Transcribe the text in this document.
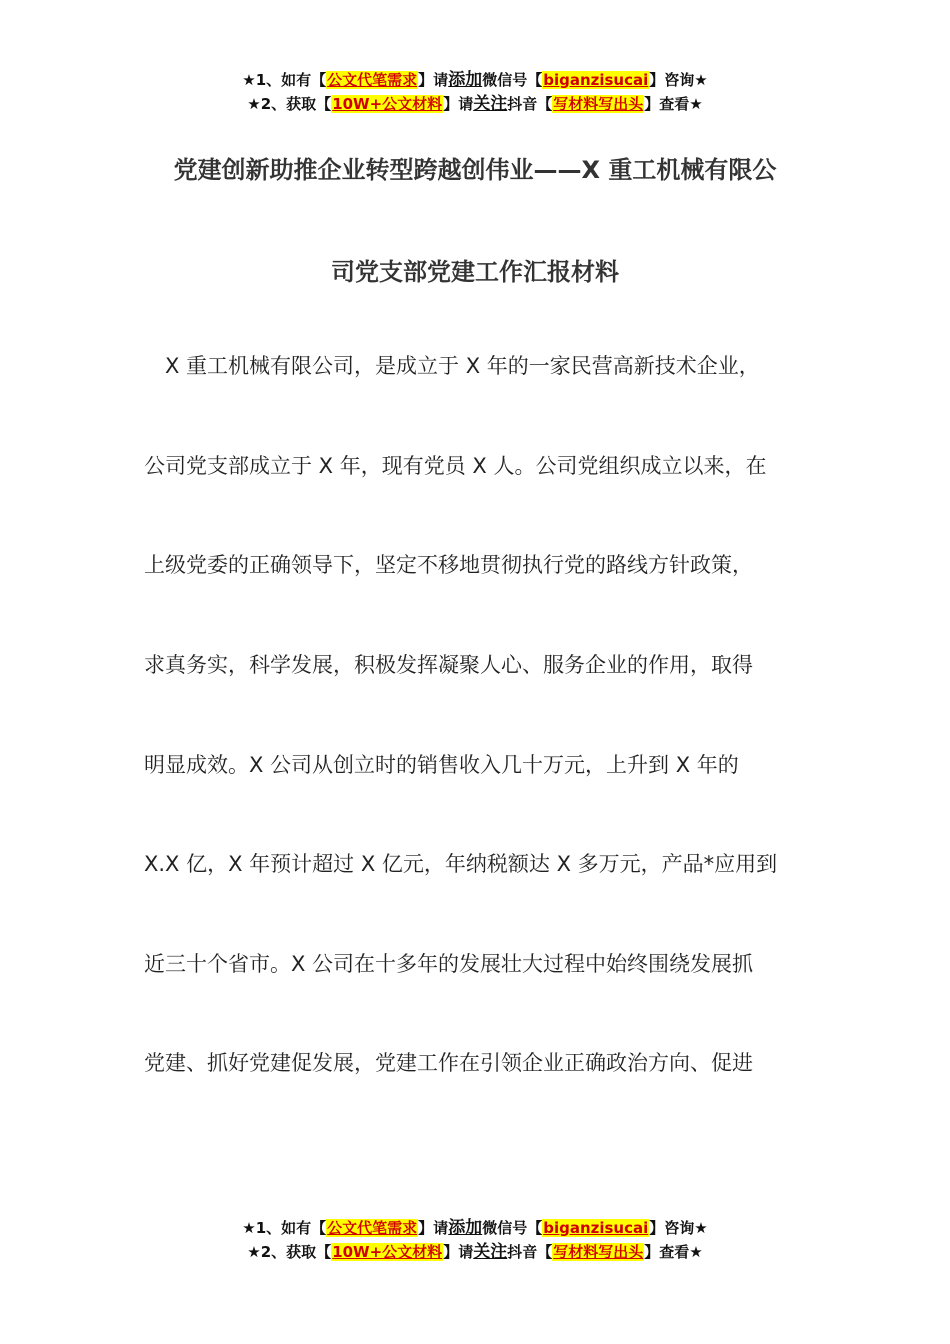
★1、如有【公文代笔需求】请添加微信号【biganzisucai】咨询★
★2、获取【10W+公文材料】请关注抖音【写材料写出头】查看★
党建创新助推企业转型跨越创伟业——X 重工机械有限公
司党支部党建工作汇报材料
　X 重工机械有限公司，是成立于 X 年的一家民营高新技术企业，
公司党支部成立于 X 年，现有党员 X 人。公司党组织成立以来，在
上级党委的正确领导下，坚定不移地贯彻执行党的路线方针政策，
求真务实，科学发展，积极发挥凝聚人心、服务企业的作用，取得
明显成效。X 公司从创立时的销售收入几十万元，上升到 X 年的
X.X 亿，X 年预计超过 X 亿元，年纳税额达 X 多万元，产品*应用到
近三十个省市。X 公司在十多年的发展壮大过程中始终围绕发展抓
党建、抓好党建促发展，党建工作在引领企业正确政治方向、促进
★1、如有【公文代笔需求】请添加微信号【biganzisucai】咨询★
★2、获取【10W+公文材料】请关注抖音【写材料写出头】查看★
